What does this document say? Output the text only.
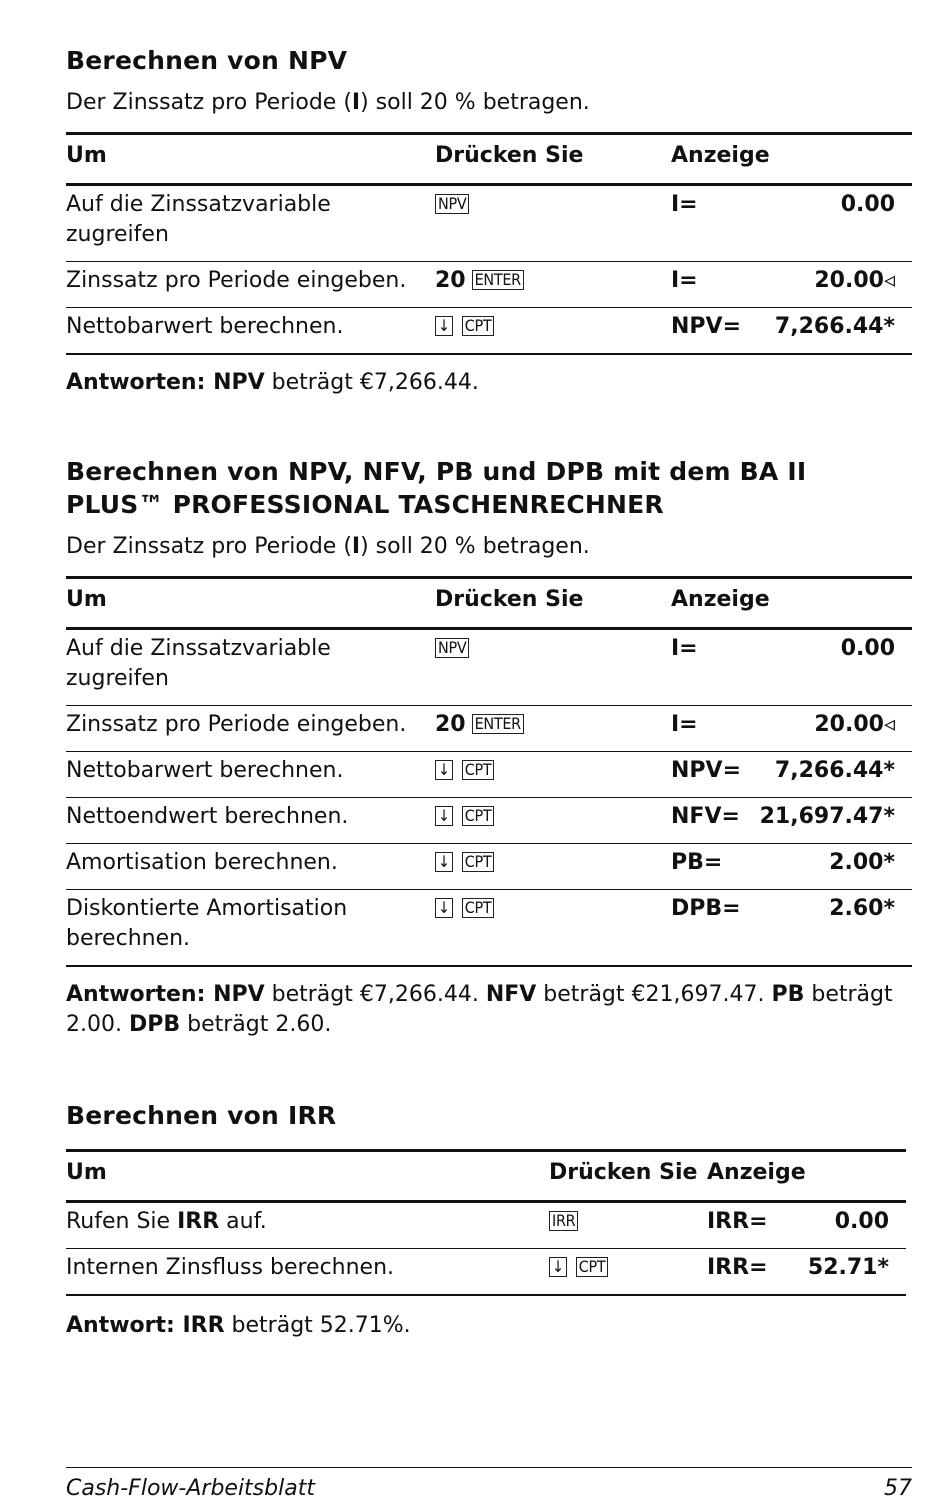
Berechnen von NPV

Der Zinssatz pro Periode (I) soll 20 % betragen.

Um	Drücken Sie	Anzeige
Auf die Zinssatzvariable zugreifen	NPV	I= 0.00

Zinssatz pro Periode eingeben.	20 ENTER	I= 20.00◃

Nettobarwert berechnen.	↓ CPT	NPV= 7,266.44*

Antworten: NPV beträgt €7,266.44.

Berechnen von NPV, NFV, PB und DPB mit dem BA II PLUS™ PROFESSIONAL TASCHENRECHNER

Der Zinssatz pro Periode (I) soll 20 % betragen.

Um	Drücken Sie	Anzeige
Auf die Zinssatzvariable zugreifen	NPV	I= 0.00

Zinssatz pro Periode eingeben.	20 ENTER	I= 20.00◃

Nettobarwert berechnen.	↓ CPT	NPV= 7,266.44*

Nettoendwert berechnen.	↓ CPT	NFV= 21,697.47*

Amortisation berechnen.	↓ CPT	PB= 2.00*

Diskontierte Amortisation berechnen.	↓ CPT	DPB= 2.60*

Antworten: NPV beträgt €7,266.44. NFV beträgt €21,697.47. PB beträgt 2.00. DPB beträgt 2.60.

Berechnen von IRR
Um	Drücken Sie	Anzeige
Rufen Sie IRR auf.	IRR	IRR= 0.00

Internen Zinsfluss berechnen.	↓ CPT	IRR= 52.71*

Antwort: IRR beträgt 52.71%.

Cash-Flow-Arbeitsblatt	57
